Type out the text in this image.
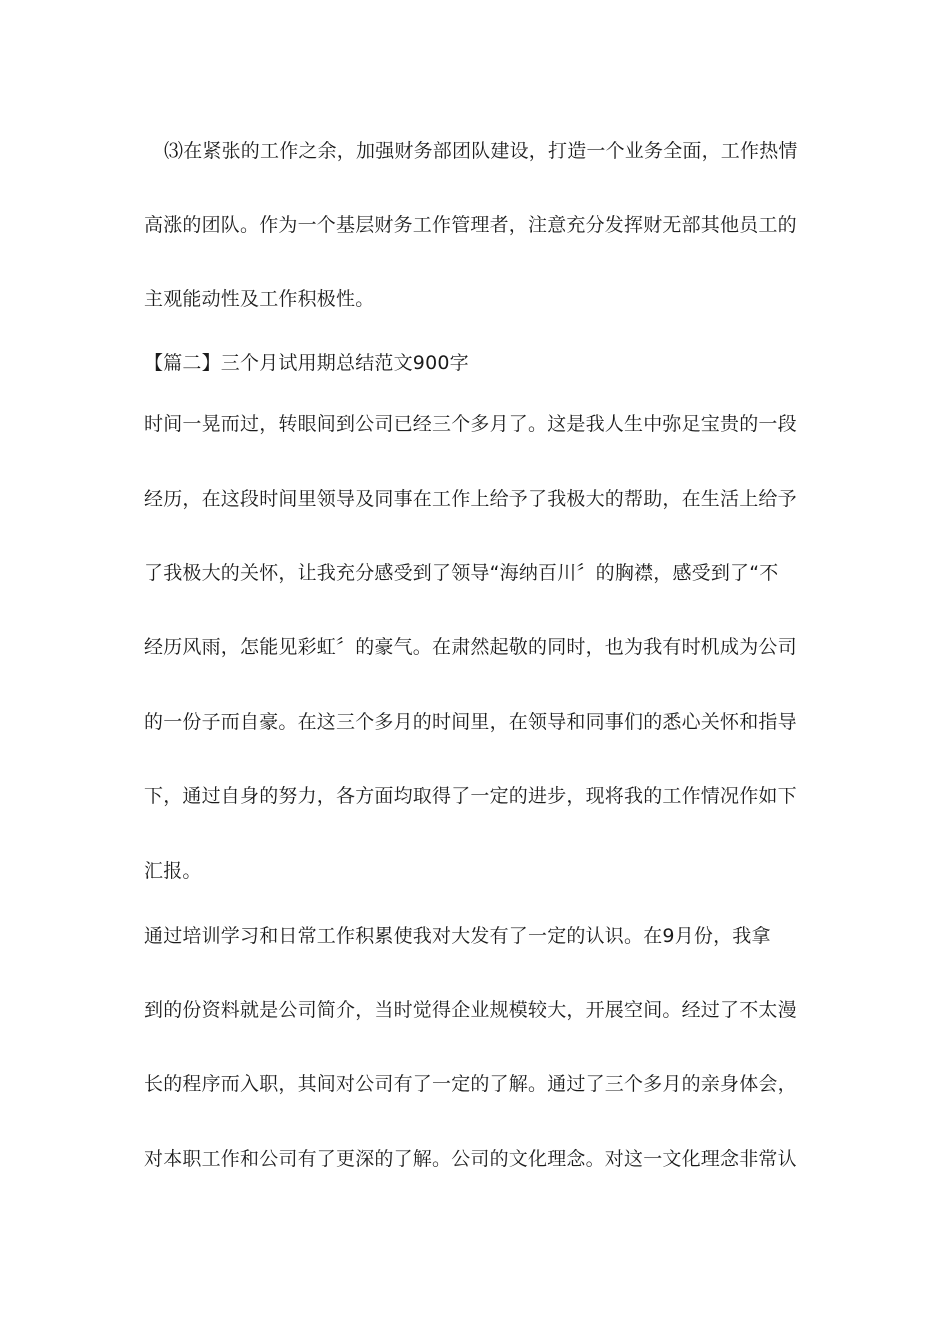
⑶在紧张的工作之余，加强财务部团队建设，打造一个业务全面，工作热情
高涨的团队。作为一个基层财务工作管理者，注意充分发挥财无部其他员工的
主观能动性及工作积极性。
【篇二】三个月试用期总结范文900字
时间一晃而过，转眼间到公司已经三个多月了。这是我人生中弥足宝贵的一段
经历，在这段时间里领导及同事在工作上给予了我极大的帮助，在生活上给予
了我极大的关怀，让我充分感受到了领导“海纳百川〞的胸襟，感受到了“不
经历风雨，怎能见彩虹〞的豪气。在肃然起敬的同时，也为我有时机成为公司
的一份子而自豪。在这三个多月的时间里，在领导和同事们的悉心关怀和指导
下，通过自身的努力，各方面均取得了一定的进步，现将我的工作情况作如下
汇报。
通过培训学习和日常工作积累使我对大发有了一定的认识。在9月份，我拿
到的份资料就是公司简介，当时觉得企业规模较大，开展空间。经过了不太漫
长的程序而入职，其间对公司有了一定的了解。通过了三个多月的亲身体会，
对本职工作和公司有了更深的了解。公司的文化理念。对这一文化理念非常认
